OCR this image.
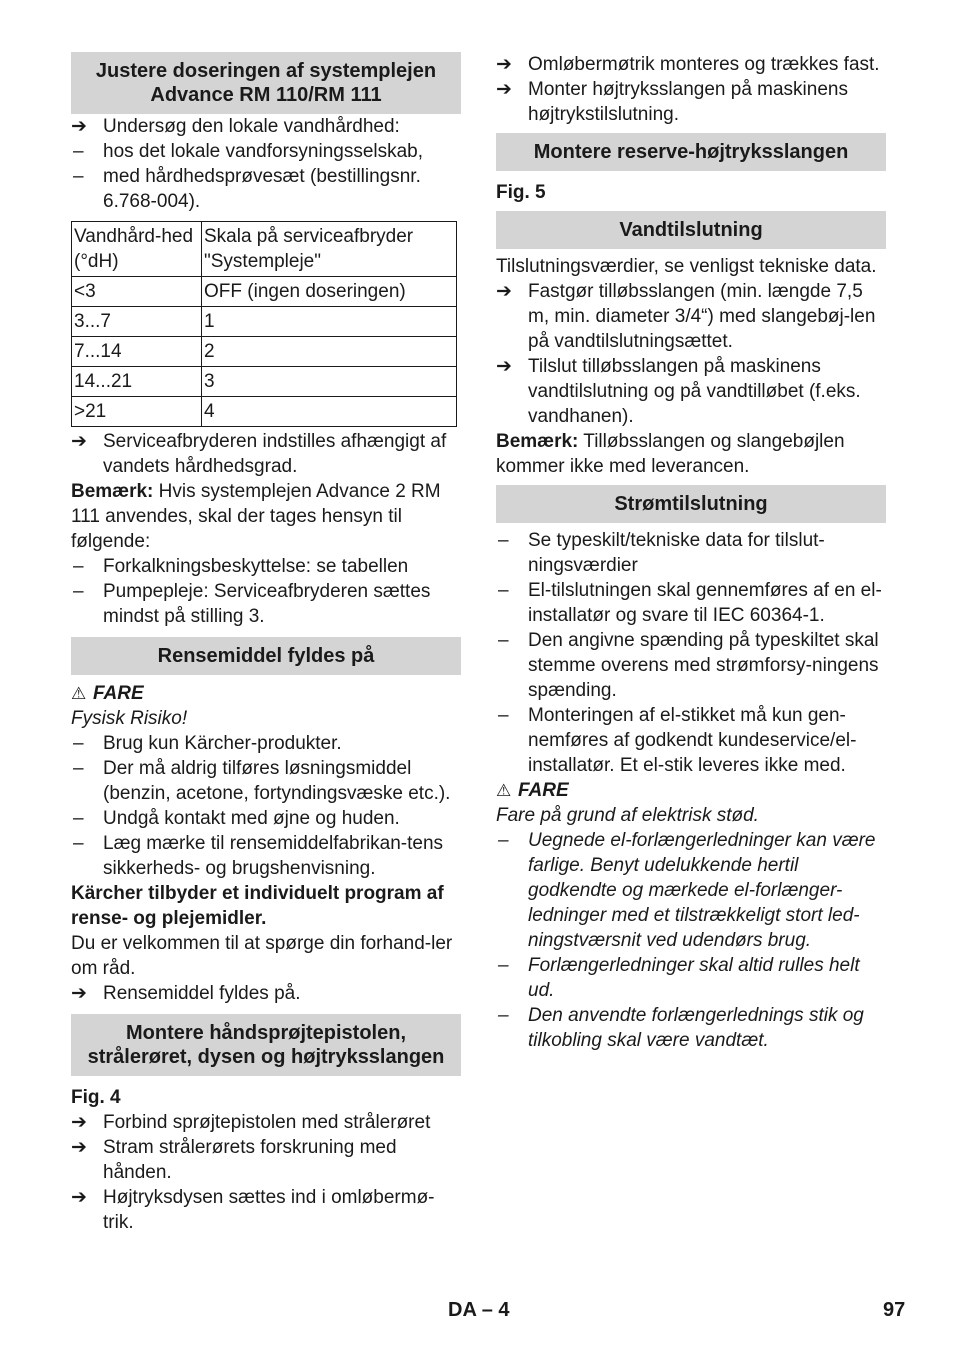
Justere doseringen af systemplejen Advance RM 110/RM 111
➔ Undersøg den lokale vandhårdhed:
–	hos det lokale vandforsyningsselskab,
–	med hårdhedsprøvesæt (bestillingsnr. 6.768-004).
Vandhård-hed (°dH)	Skala på serviceafbryder "Systempleje"
<3	OFF (ingen doseringen)
3...7	1
7...14	2
14...21	3
>21	4
➔ Serviceafbryderen indstilles afhængigt af vandets hårdhedsgrad.

Bemærk: Hvis systemplejen Advance 2 RM 111 anvendes, skal der tages hensyn til følgende:

–	Forkalkningsbeskyttelse: se tabellen
–	Pumpepleje: Serviceafbryderen sættes mindst på stilling 3.
Rensemiddel fyldes på

⚠ FARE

Fysisk Risiko!

–	Brug kun Kärcher-produkter.
–	Der må aldrig tilføres løsningsmiddel (benzin, acetone, fortyndingsvæske etc.).
–	Undgå kontakt med øjne og huden.
–	Læg mærke til rensemiddelfabrikan-tens sikkerheds- og brugshenvisning.

Kärcher tilbyder et individuelt program af rense- og plejemidler.

Du er velkommen til at spørge din forhand-ler om råd.

➔ Rensemiddel fyldes på.
Montere håndsprøjtepistolen, strålerøret, dysen og højtryksslangen

Fig. 4

➔ Forbind sprøjtepistolen med strålerøret
➔ Stram strålerørets forskruning med hånden.
➔ Højtryksdysen sættes ind i omløbermø-trik.
➔ Omløbermøtrik monteres og trækkes fast.
➔ Monter højtryksslangen på maskinens højtrykstilslutning.
Montere reserve-højtryksslangen

Fig. 5

Vandtilslutning

Tilslutningsværdier, se venligst tekniske data.

➔ Fastgør tilløbsslangen (min. længde 7,5 m, min. diameter 3/4“) med slangebøj-len på vandtilslutningsættet.
➔ Tilslut tilløbsslangen på maskinens vandtilslutning og på vandtilløbet (f.eks. vandhanen).

Bemærk: Tilløbsslangen og slangebøjlen kommer ikke med leverancen.

Strømtilslutning
–	Se typeskilt/tekniske data for tilslut-ningsværdier
–	El-tilslutningen skal gennemføres af en el-installatør og svare til IEC 60364-1.
–	Den angivne spænding på typeskiltet skal stemme overens med strømforsy-ningens spænding.
–	Monteringen af el-stikket må kun gen-nemføres af godkendt kundeservice/el-installatør. Et el-stik leveres ikke med.

⚠ FARE

Fare på grund af elektrisk stød.

–	Uegnede el-forlængerledninger kan være farlige. Benyt udelukkende hertil godkendte og mærkede el-forlænger-ledninger med et tilstrækkeligt stort led-ningstværsnit ved udendørs brug.
–	Forlængerledninger skal altid rulles helt ud.
–	Den anvendte forlængerlednings stik og tilkobling skal være vandtæt.
DA – 4	97
